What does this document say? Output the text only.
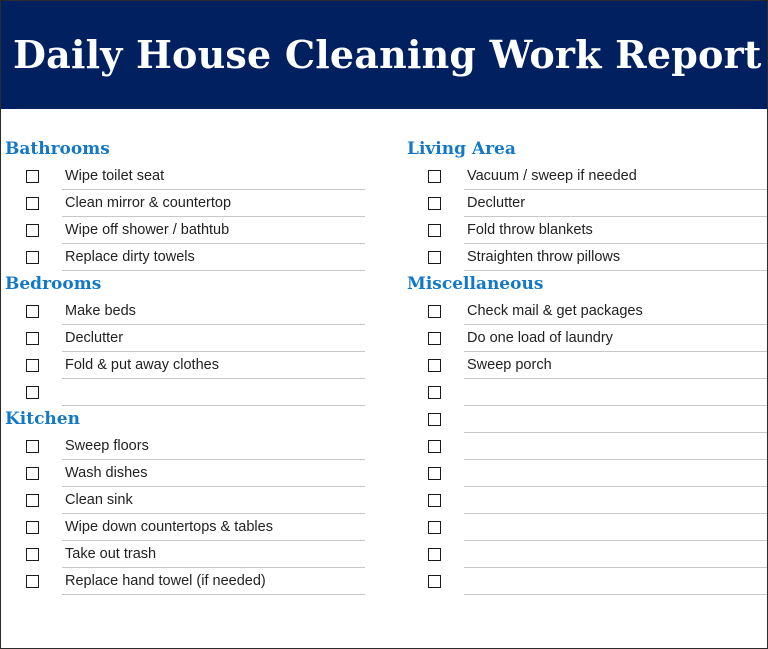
Daily House Cleaning Work Report
Bathrooms
Wipe toilet seat
Clean mirror & countertop
Wipe off shower / bathtub
Replace dirty towels
Bedrooms
Make beds
Declutter
Fold & put away clothes
Kitchen
Sweep floors
Wash dishes
Clean sink
Wipe down countertops & tables
Take out trash
Replace hand towel (if needed)
Living Area
Vacuum / sweep if needed
Declutter
Fold throw blankets
Straighten throw pillows
Miscellaneous
Check mail & get packages
Do one load of laundry
Sweep porch
